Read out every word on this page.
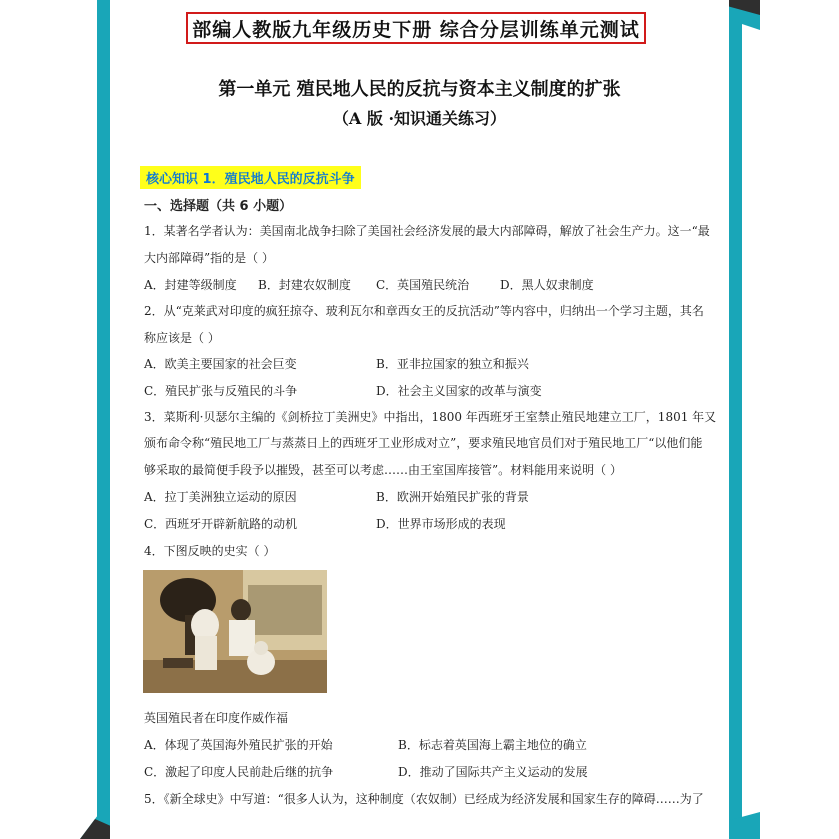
部编人教版九年级历史下册 综合分层训练单元测试
第一单元 殖民地人民的反抗与资本主义制度的扩张
（A 版 ·知识通关练习）
核心知识 1．殖民地人民的反抗斗争
一、选择题（共 6 小题）
1．某著名学者认为：美国南北战争扫除了美国社会经济发展的最大内部障碍，解放了社会生产力。这一“最
大内部障碍”指的是（ ）
A．封建等级制度 B．封建农奴制度 C．英国殖民统治	D．黑人奴隶制度
2．从“克莱武对印度的疯狂掠夺、玻利瓦尔和章西女王的反抗活动”等内容中，归纳出一个学习主题，其名
称应该是（ ）
A．欧美主要国家的社会巨变	B．亚非拉国家的独立和振兴
C．殖民扩张与反殖民的斗争	D．社会主义国家的改革与演变
3．菜斯利·贝瑟尔主编的《剑桥拉丁美洲史》中指出，1800 年西班牙王室禁止殖民地建立工厂，1801 年又
颁布命令称“殖民地工厂与蒸蒸日上的西班牙工业形成对立”，要求殖民地官员们对于殖民地工厂“以他们能
够采取的最简便手段予以摧毁，甚至可以考虑……由王室国库接管”。材料能用来说明（ ）
A．拉丁美洲独立运动的原因	B．欧洲开始殖民扩张的背景
C．西班牙开辟新航路的动机	D．世界市场形成的表现
4．下图反映的史实（ ）
英国殖民者在印度作威作福
A．体现了英国海外殖民扩张的开始	B．标志着英国海上霸主地位的确立
C．激起了印度人民前赴后继的抗争	D．推动了国际共产主义运动的发展
5．《新全球史》中写道：“很多人认为，这种制度（农奴制）已经成为经济发展和国家生存的障碍……为了
